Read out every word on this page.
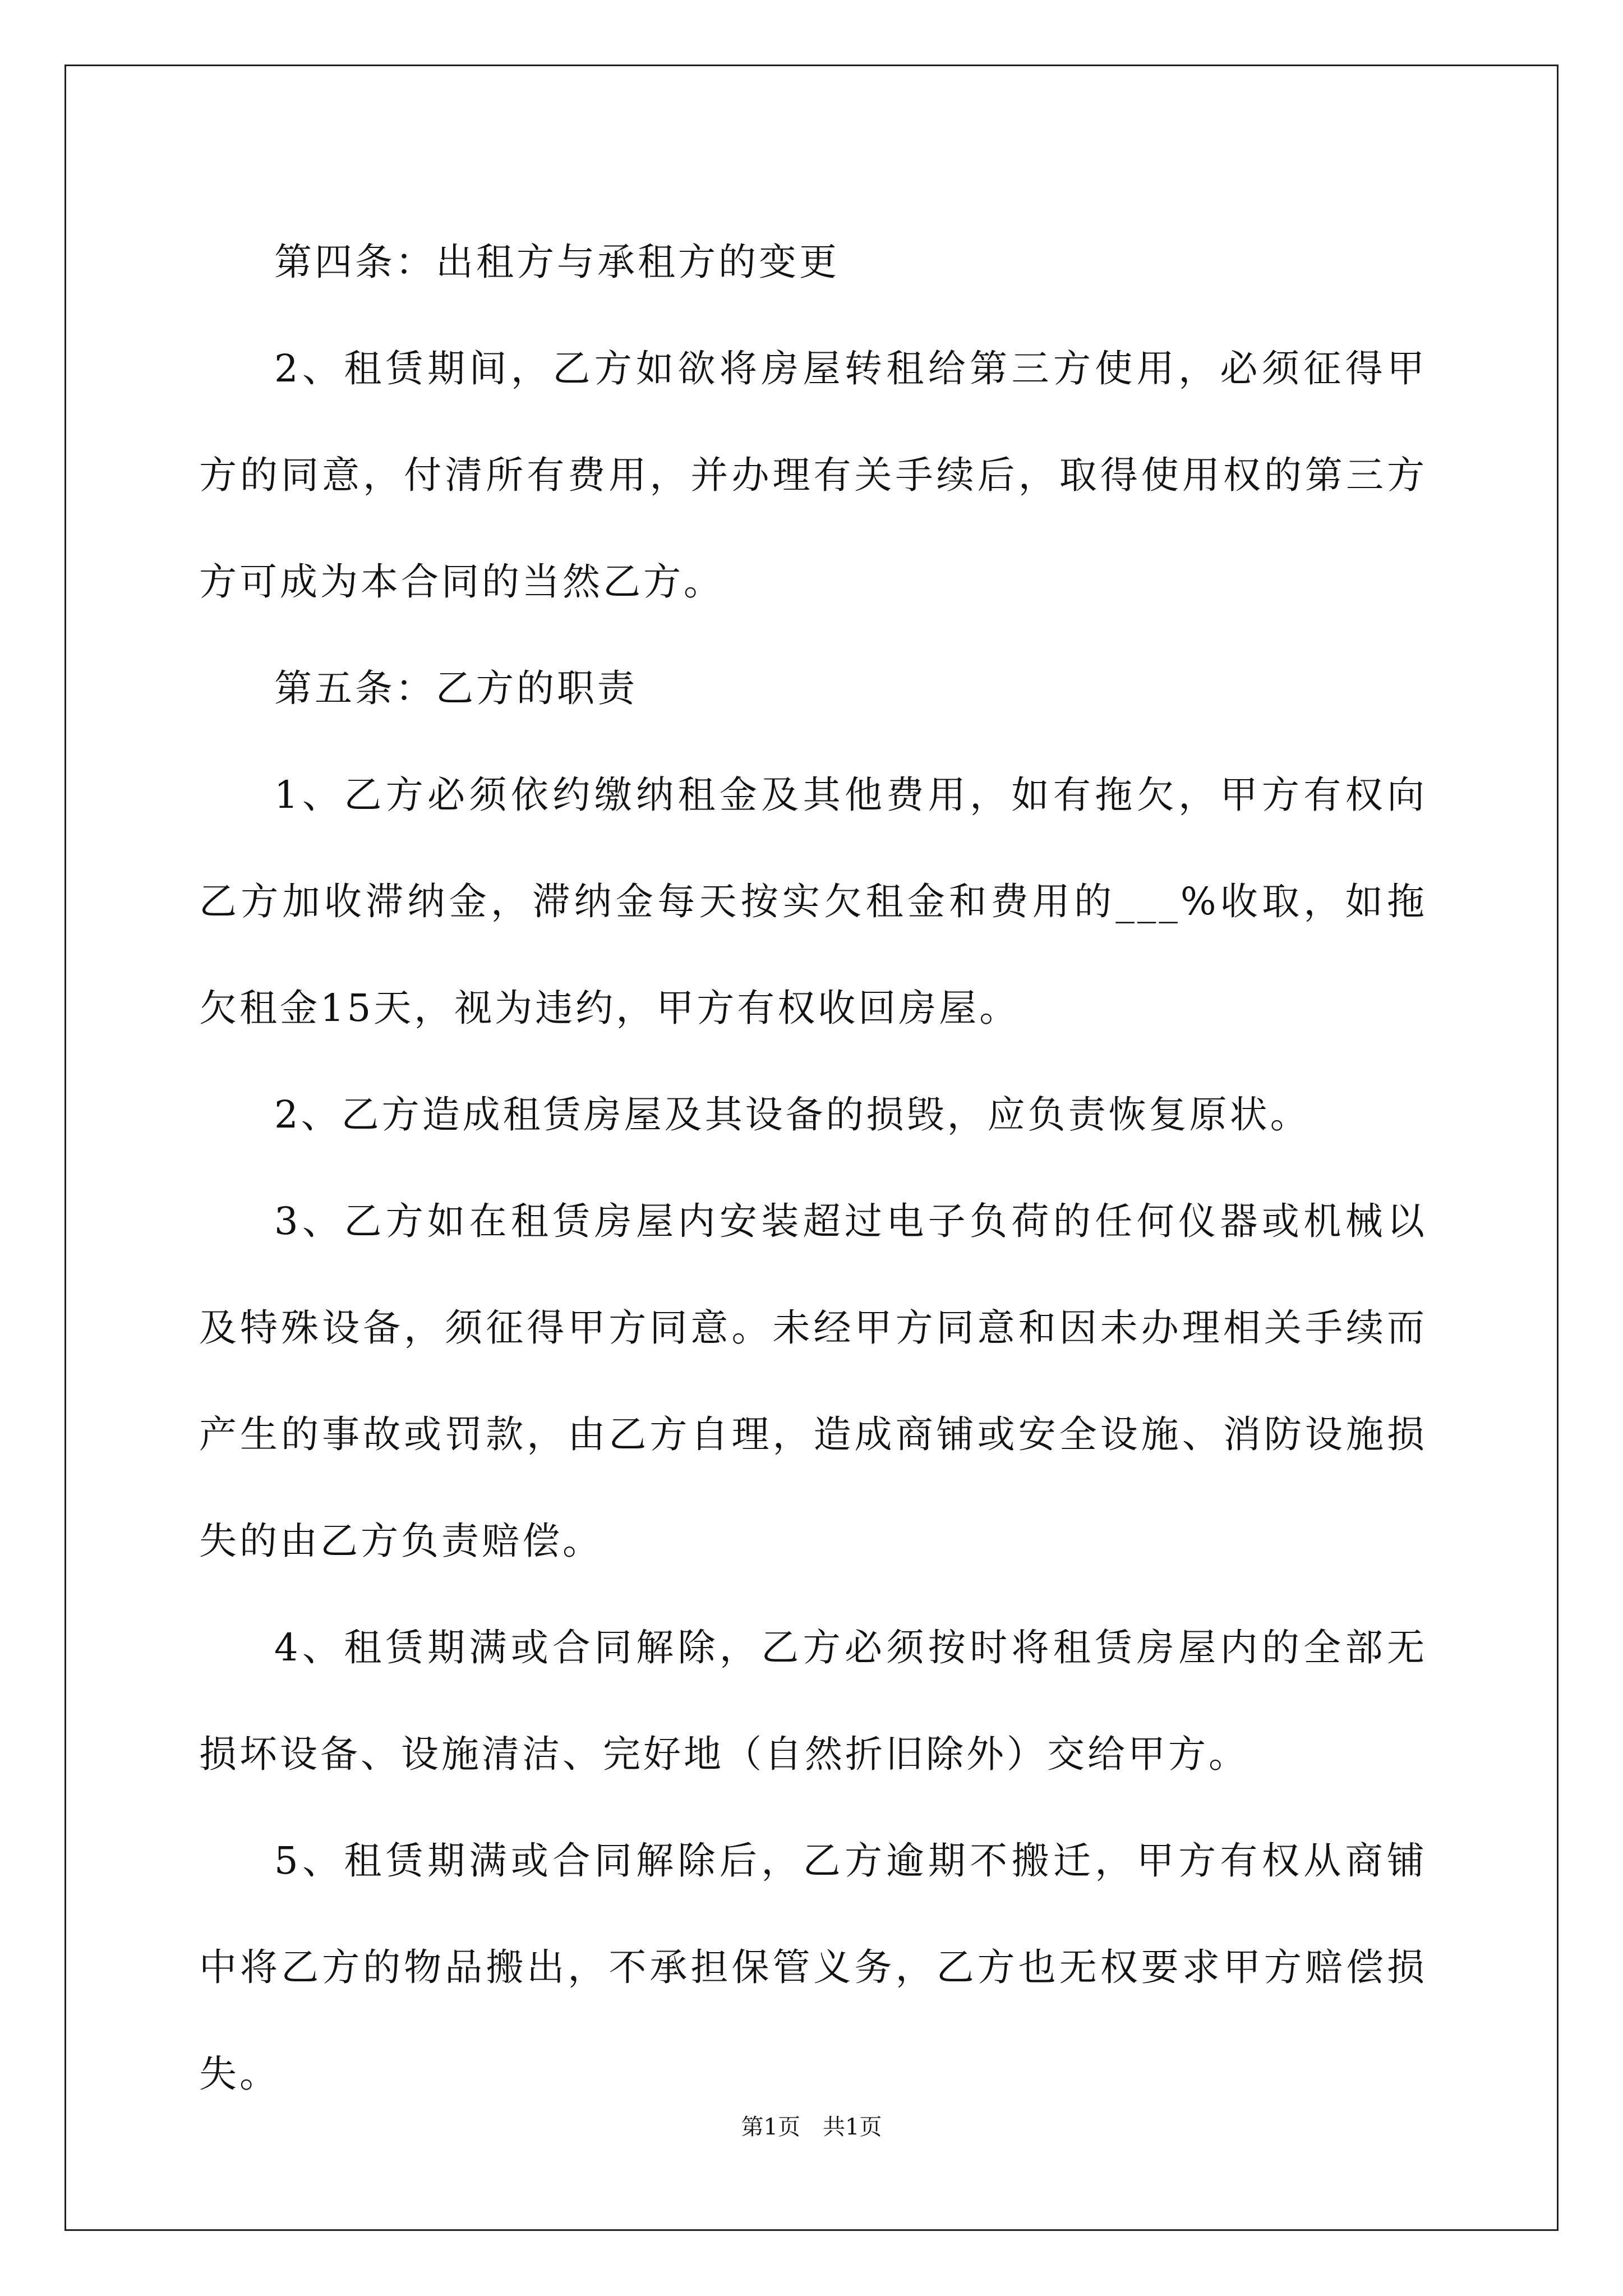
第四条：出租方与承租方的变更

2、租赁期间，乙方如欲将房屋转租给第三方使用，必须征得甲方的同意，付清所有费用，并办理有关手续后，取得使用权的第三方方可成为本合同的当然乙方。

第五条：乙方的职责

1、乙方必须依约缴纳租金及其他费用，如有拖欠，甲方有权向乙方加收滞纳金，滞纳金每天按实欠租金和费用的___%收取，如拖欠租金15天，视为违约，甲方有权收回房屋。

2、乙方造成租赁房屋及其设备的损毁，应负责恢复原状。

3、乙方如在租赁房屋内安装超过电子负荷的任何仪器或机械以及特殊设备，须征得甲方同意。未经甲方同意和因未办理相关手续而产生的事故或罚款，由乙方自理，造成商铺或安全设施、消防设施损失的由乙方负责赔偿。

4、租赁期满或合同解除，乙方必须按时将租赁房屋内的全部无损坏设备、设施清洁、完好地（自然折旧除外）交给甲方。

5、租赁期满或合同解除后，乙方逾期不搬迁，甲方有权从商铺中将乙方的物品搬出，不承担保管义务，乙方也无权要求甲方赔偿损失。

第1页 共1页
